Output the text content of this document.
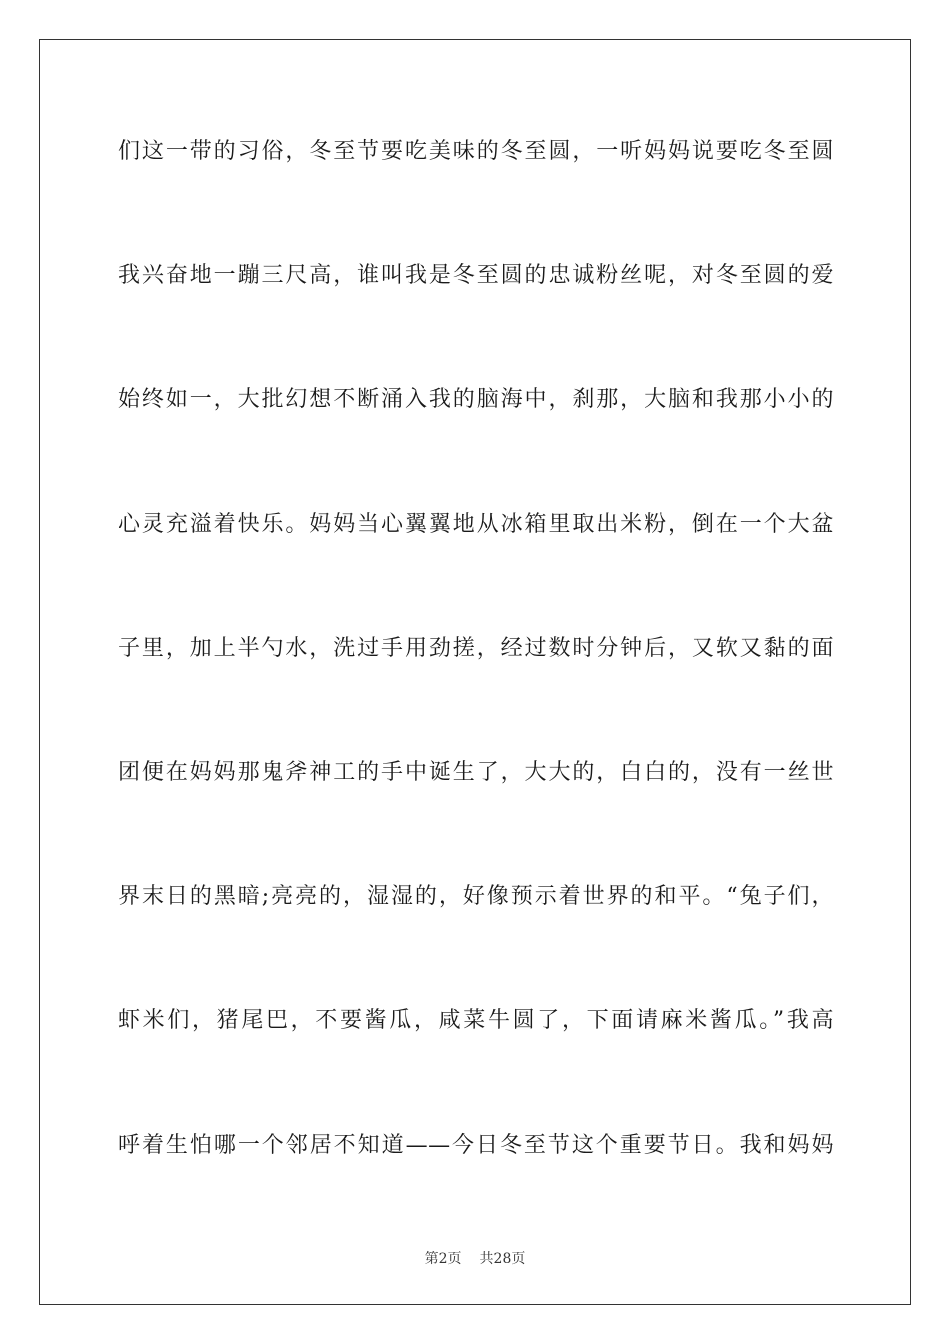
们这一带的习俗，冬至节要吃美味的冬至圆，一听妈妈说要吃冬至圆
我兴奋地一蹦三尺高，谁叫我是冬至圆的忠诚粉丝呢，对冬至圆的爱
始终如一，大批幻想不断涌入我的脑海中，刹那，大脑和我那小小的
心灵充溢着快乐。妈妈当心翼翼地从冰箱里取出米粉，倒在一个大盆
子里，加上半勺水，洗过手用劲搓，经过数时分钟后，又软又黏的面
团便在妈妈那鬼斧神工的手中诞生了，大大的，白白的，没有一丝世
界末日的黑暗;亮亮的，湿湿的，好像预示着世界的和平。“兔子们，
虾米们，猪尾巴，不要酱瓜，咸菜牛圆了，下面请麻米酱瓜。”我高
呼着生怕哪一个邻居不知道——今日冬至节这个重要节日。我和妈妈
第2页 共28页
